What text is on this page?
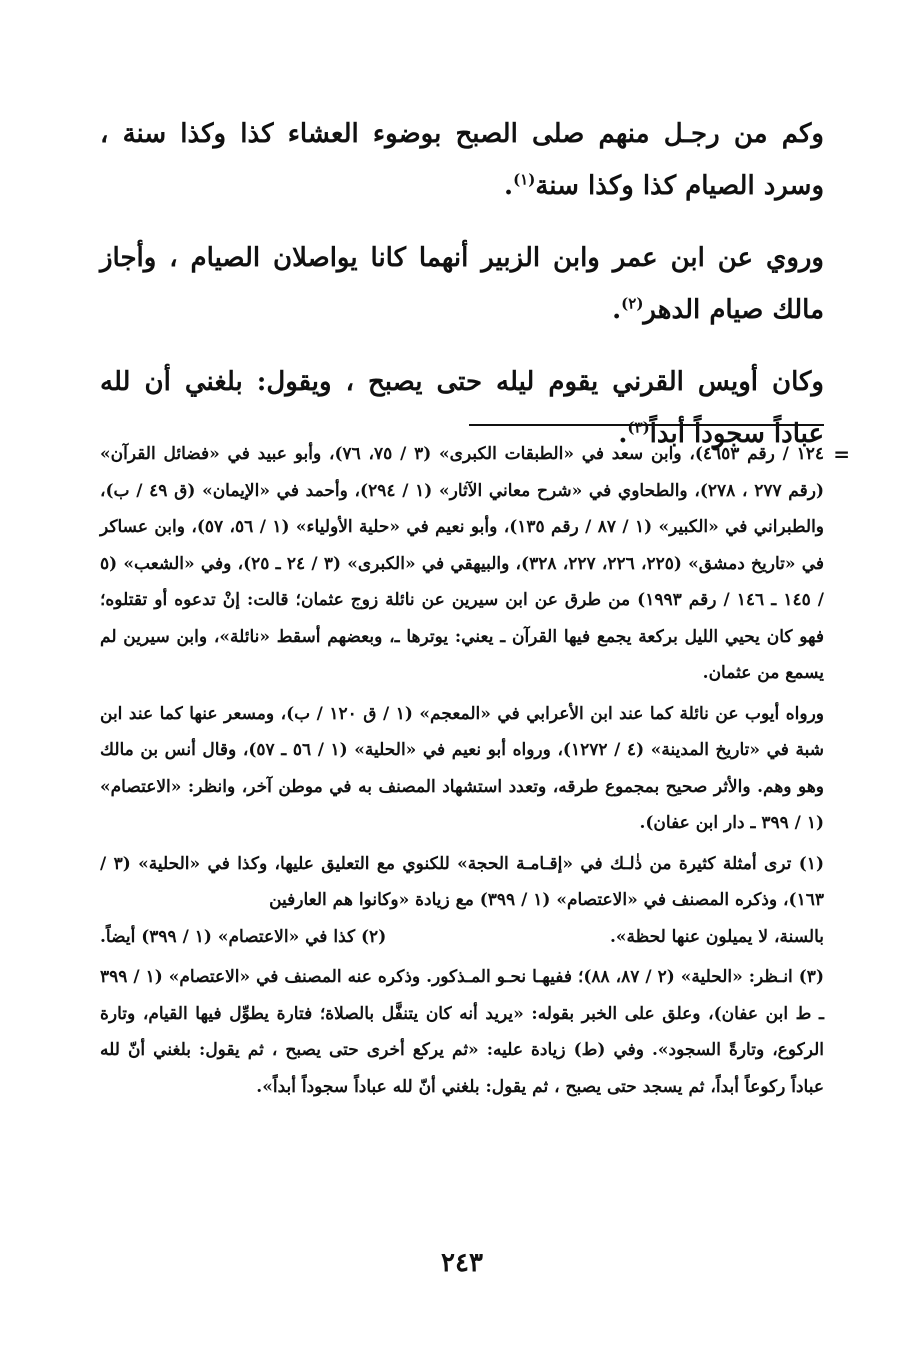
وكم من رجـل منهم صلى الصبح بوضوء العشاء كذا وكذا سنة ، وسرد الصيام كذا وكذا سنة$^{(١)}$.

وروي عن ابن عمر وابن الزبير أنهما كانا يواصلان الصيام ، وأجاز مالك صيام الدهر$^{(٢)}$.

وكان أويس القرني يقوم ليله حتى يصبح ، ويقول: بلغني أن لله عباداً سجوداً أبداً$^{(٣)}$.

=

١٢٤ / رقم ٤٦٥٣)، وابن سعد في «الطبقات الكبرى» (٣ / ٧٥، ٧٦)، وأبو عبيد في «فضائل القرآن» (رقم ٢٧٧ ، ٢٧٨)، والطحاوي في «شرح معاني الآثار» (١ / ٢٩٤)، وأحمد في «الإيمان» (ق ٤٩ / ب)، والطبراني في «الكبير» (١ / ٨٧ / رقم ١٣٥)، وأبو نعيم في «حلية الأولياء» (١ / ٥٦، ٥٧)، وابن عساكر في «تاريخ دمشق» (٢٢٥، ٢٢٦، ٢٢٧، ٣٢٨)، والبيهقي في «الكبرى» (٣ / ٢٤ ـ ٢٥)، وفي «الشعب» (٥ / ١٤٥ ـ ١٤٦ / رقم ١٩٩٣) من طرق عن ابن سيرين عن نائلة زوج عثمان؛ قالت: إنْ تدعوه أو تقتلوه؛ فهو كان يحيي الليل بركعة يجمع فيها القرآن ـ يعني: يوترها ـ، وبعضهم أسقط «نائلة»، وابن سيرين لم يسمع من عثمان.

ورواه أيوب عن نائلة كما عند ابن الأعرابي في «المعجم» (١ / ق ١٢٠ / ب)، ومسعر عنها كما عند ابن شبة في «تاريخ المدينة» (٤ / ١٢٧٢)، ورواه أبو نعيم في «الحلية» (١ / ٥٦ ـ ٥٧)، وقال أنس بن مالك وهو وهم. والأثر صحيح بمجموع طرقه، وتعدد استشهاد المصنف به في موطن آخر، وانظر: «الاعتصام» (١ / ٣٩٩ ـ دار ابن عفان).

(١) ترى أمثلة كثيرة من ذٰلـك في «إقـامـة الحجة» للكنوي مع التعليق عليها، وكذا في «الحلية» (٣ / ١٦٣)، وذكره المصنف في «الاعتصام» (١ / ٣٩٩) مع زيادة «وكانوا هم العارفين

بالسنة، لا يميلون عنها لحظة».
(٢) كذا في «الاعتصام» (١ / ٣٩٩) أيضاً.

(٣) انـظر: «الحلية» (٢ / ٨٧، ٨٨)؛ ففيهـا نحـو المـذكور. وذكره عنه المصنف في «الاعتصام» (١ / ٣٩٩ ـ ط ابن عفان)، وعلق على الخبر بقوله: «يريد أنه كان يتنفَّل بالصلاة؛ فتارة يطوِّل فيها القيام، وتارة الركوع، وتارةً السجود». وفي (ط) زيادة عليه: «ثم يركع أخرى حتى يصبح ، ثم يقول: بلغني أنّ لله عباداً ركوعاً أبداً، ثم يسجد حتى يصبح ، ثم يقول: بلغني أنّ لله عباداً سجوداً أبداً».

٢٤٣
